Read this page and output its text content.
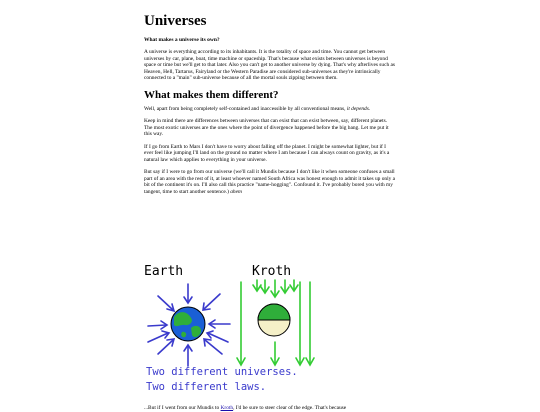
Universes
What makes a universe its own?

A universe is everything according to its inhabitants. It is the totality of space and time. You cannot get between universes by car, plane, boat, time machine or spaceship. That's because what exists between universes is beyond space or time but we'll get to that later. Also you can't get to another universe by dying. That's why afterlives such as Heaven, Hell, Tartarus, Fairyland or the Western Paradise are considered sub-universes as they're intrinsically connected to a "main" sub-universe because of all the mortal souls zipping between them.

What makes them different?

Well, apart from being completely self-contained and inaccessible by all conventional means, it depends.

Keep in mind there are differences between universes that can exist that can exist between, say, different planets. The most exotic universes are the ones where the point of divergence happened before the big bang. Let me put it this way.

If I go from Earth to Mars I don't have to worry about falling off the planet. I might be somewhat lighter, but if I ever feel like jumping I'll land on the ground no matter where I am because I can always count on gravity, as it's a natural law which applies to everything in your universe.

But say if I were to go from our universe (we'll call it Mundis because I don't like it when someone confuses a small part of an area with the rest of it, at least whoever named South Africa was honest enough to admit it takes up only a bit of the continent it's on. I'll also call this practice "name-hogging". Confound it. I've probably bored you with my tangent, time to start another sentence.) ahem

Earth	Kroth
Two different universes.
Two different laws.

...But if I went from our Mundis to Kroth, I'd be sure to steer clear of the edge. That's because
